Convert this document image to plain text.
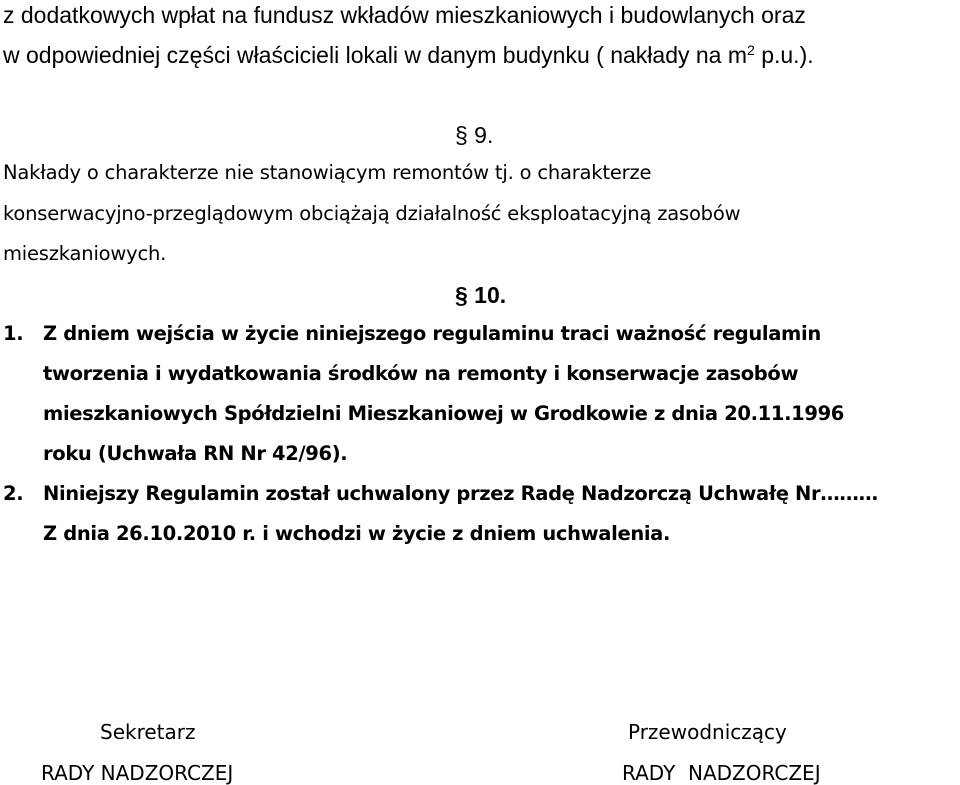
z dodatkowych wpłat na fundusz wkładów mieszkaniowych i budowlanych oraz
w odpowiedniej części właścicieli lokali w danym budynku ( nakłady na $m^2$ p.u.).
§ 9.
Nakłady o charakterze nie stanowiącym remontów tj. o charakterze
konserwacyjno-przeglądowym obciążają działalność eksploatacyjną zasobów
mieszkaniowych.
§ 10.
1. Z dniem wejścia w życie niniejszego regulaminu traci ważność regulamin
tworzenia i wydatkowania środków na remonty i konserwacje zasobów
mieszkaniowych Spółdzielni Mieszkaniowej w Grodkowie z dnia 20.11.1996
roku (Uchwała RN Nr 42/96).
2. Niniejszy Regulamin został uchwalony przez Radę Nadzorczą Uchwałę Nr………
Z dnia 26.10.2010 r. i wchodzi w życie z dniem uchwalenia.
Sekretarz
RADY NADZORCZEJ
Przewodniczący
RADY  NADZORCZEJ
